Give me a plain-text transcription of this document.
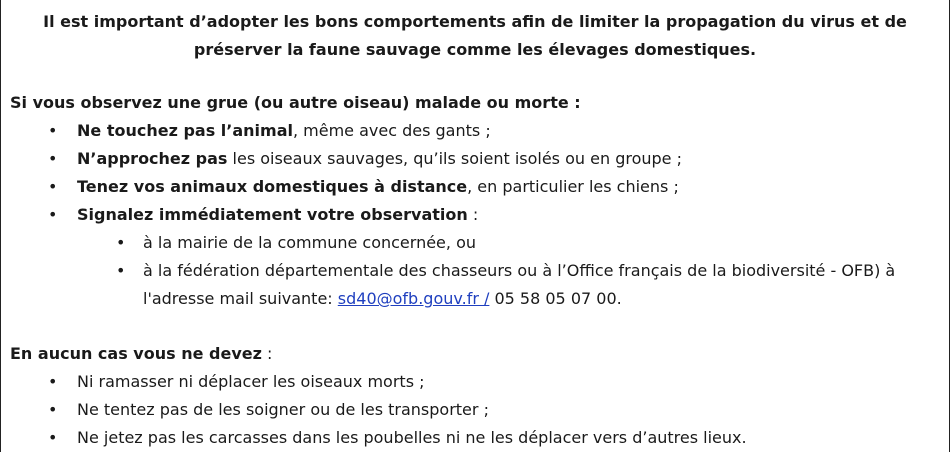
Il est important d’adopter les bons comportements afin de limiter la propagation du virus et de préserver la faune sauvage comme les élevages domestiques.
Si vous observez une grue (ou autre oiseau) malade ou morte :
• Ne touchez pas l’animal, même avec des gants ;
• N’approchez pas les oiseaux sauvages, qu’ils soient isolés ou en groupe ;
• Tenez vos animaux domestiques à distance, en particulier les chiens ;
• Signalez immédiatement votre observation :
• à la mairie de la commune concernée, ou
• à la fédération départementale des chasseurs ou à l’Office français de la biodiversité - OFB) à l'adresse mail suivante: sd40@ofb.gouv.fr / 05 58 05 07 00.
En aucun cas vous ne devez :
• Ni ramasser ni déplacer les oiseaux morts ;
• Ne tentez pas de les soigner ou de les transporter ;
• Ne jetez pas les carcasses dans les poubelles ni ne les déplacer vers d’autres lieux.
